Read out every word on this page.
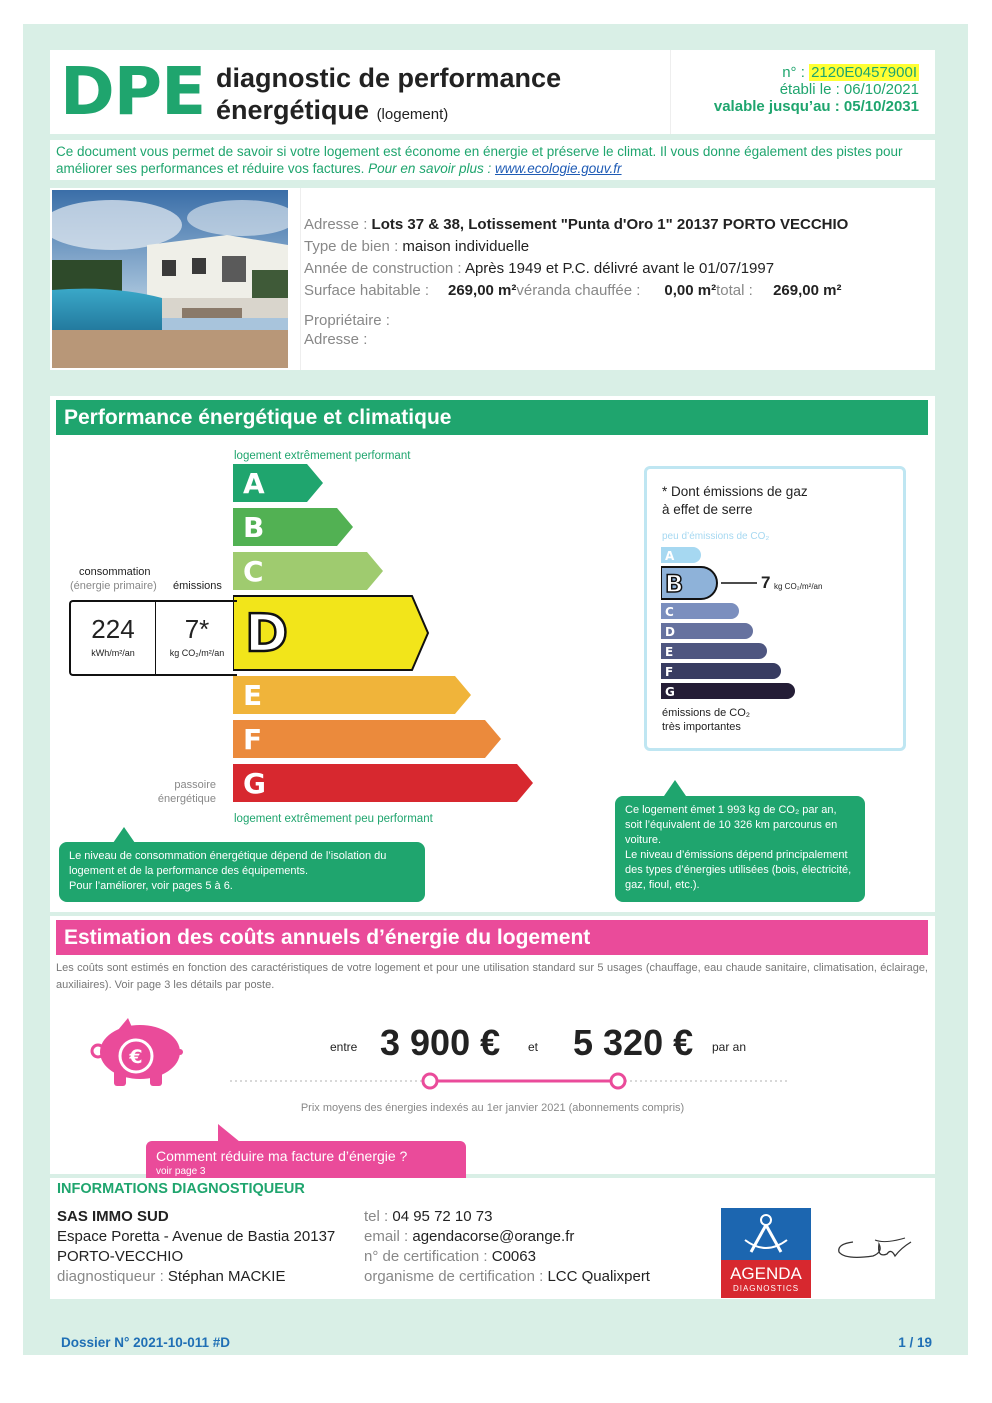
DPE diagnostic de performance
énergétique (logement)
n° : 2120E0457900I
établi le : 06/10/2021
valable jusqu’au : 05/10/2031
Ce document vous permet de savoir si votre logement est économe en énergie et préserve le climat. Il vous donne également des pistes pour améliorer ses performances et réduire vos factures. Pour en savoir plus : www.ecologie.gouv.fr
Adresse : Lots 37 & 38, Lotissement "Punta d'Oro 1" 20137 PORTO VECCHIO
Type de bien : maison individuelle
Année de construction : Après 1949 et P.C. délivré avant le 01/07/1997
Surface habitable : 269,00 m²véranda chauffée : 0,00 m²total : 269,00 m²
Propriétaire :
Adresse :
Performance énergétique et climatique
logement extrêmement performant
A
B
C
D
E
F
G
logement extrêmement peu performant
consommation
(énergie primaire) émissions
224
kWh/m²/an
7*
kg CO₂/m²/an
passoire
énergétique
* Dont émissions de gaz
à effet de serre
peu d’émissions de CO₂
A
B
C
D
E
F
G
7 kg CO₂/m²/an
émissions de CO₂
très importantes
Le niveau de consommation énergétique dépend de l’isolation du logement et de la performance des équipements.
Pour l’améliorer, voir pages 5 à 6.
Ce logement émet 1 993 kg de CO₂ par an, soit l’équivalent de 10 326 km parcourus en voiture.
Le niveau d’émissions dépend principalement des types d’énergies utilisées (bois, électricité, gaz, fioul, etc.).
Estimation des coûts annuels d’énergie du logement
Les coûts sont estimés en fonction des caractéristiques de votre logement et pour une utilisation standard sur 5 usages (chauffage, eau chaude sanitaire, climatisation, éclairage, auxiliaires). Voir page 3 les détails par poste.
€	entre 3 900 € et 5 320 € par an
Prix moyens des énergies indexés au 1er janvier 2021 (abonnements compris)
Comment réduire ma facture d’énergie ?
voir page 3
INFORMATIONS DIAGNOSTIQUEUR
SAS IMMO SUD
Espace Poretta - Avenue de Bastia 20137
PORTO-VECCHIO
diagnostiqueur : Stéphan MACKIE
tel : 04 95 72 10 73
email : agendacorse@orange.fr
n° de certification : C0063
organisme de certification : LCC Qualixpert	AGENDA
DIAGNOSTICS
Dossier N° 2021-10-011 #D	1 / 19
